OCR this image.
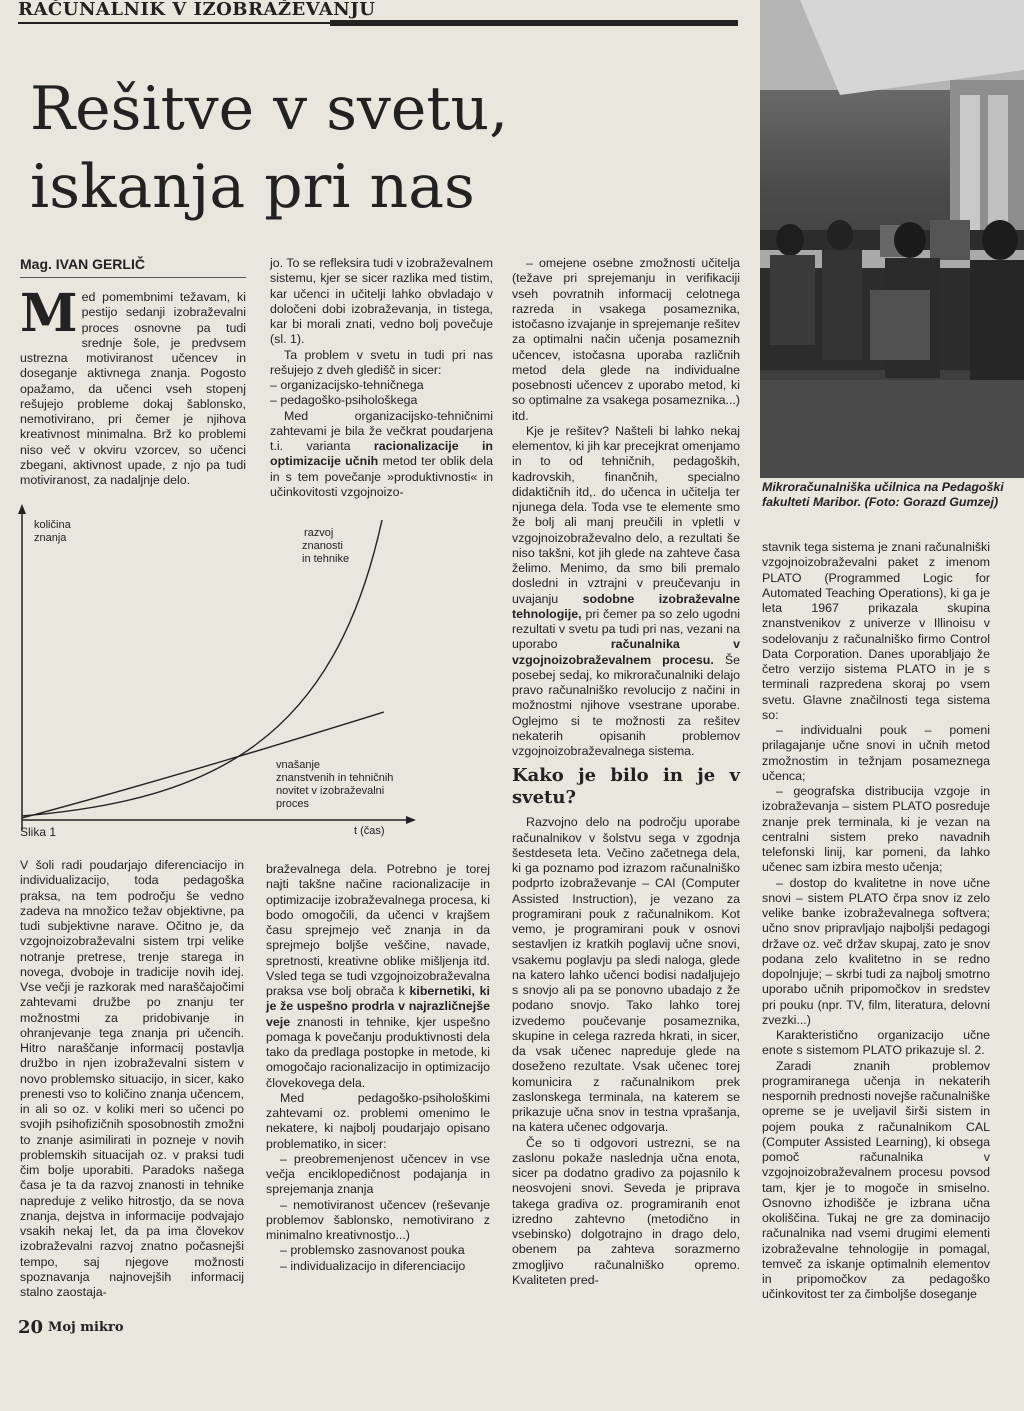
RAČUNALNIK V IZOBRAŽEVANJU
Rešitve v svetu,
iskanja pri nas
Mag. IVAN GERLIČ
M ed pomembnimi težavam, ki pestijo sedanji izobraževalni proces osnovne pa tudi srednje šole, je predvsem ustrezna motiviranost učencev in doseganje aktivnega znanja. Pogosto opažamo, da učenci vseh stopenj rešujejo probleme dokaj šablonsko, nemotivirano, pri čemer je njihova kreativnost minimalna. Brž ko problemi niso več v okviru vzorcev, so učenci zbegani, aktivnost upade, z njo pa tudi motiviranost, za nadaljnje delo.

jo. To se refleksira tudi v izobraževalnem sistemu, kjer se sicer razlika med tistim, kar učenci in učitelji lahko obvladajo v določeni dobi izobraževanja, in tistega, kar bi morali znati, vedno bolj povečuje (sl. 1).

Ta problem v svetu in tudi pri nas rešujejo z dveh gledišč in sicer:

– organizacijsko-tehničnega

– pedagoško-psihološkega

Med organizacijsko-tehničnimi zahtevami je bila že večkrat poudarjena t.i. varianta racionalizacije in optimizacije učnih metod ter oblik dela in s tem povečanje »produktivnosti« in učinkovitosti vzgojnoizo-

– omejene osebne zmožnosti učitelja (težave pri sprejemanju in verifikaciji vseh povratnih informacij celotnega razreda in vsakega posameznika, istočasno izvajanje in sprejemanje rešitev za optimalni način učenja posameznih učencev, istočasna uporaba različnih metod dela glede na individualne posebnosti učencev z uporabo metod, ki so optimalne za vsakega posameznika...) itd.

Kje je rešitev? Našteli bi lahko nekaj elementov, ki jih kar precejkrat omenjamo in to od tehničnih, pedagoških, kadrovskih, finančnih, specialno didaktičnih itd,. do učenca in učitelja ter njunega dela. Toda vse te elemente smo že bolj ali manj preučili in vpletli v vzgojnoizobraževalno delo, a rezultati še niso takšni, kot jih glede na zahteve časa želimo. Menimo, da smo bili premalo dosledni in vztrajni v preučevanju in uvajanju sodobne izobraževalne tehnologije, pri čemer pa so zelo ugodni rezultati v svetu pa tudi pri nas, vezani na uporabo računalnika v vzgojnoizobraževalnem procesu. Še posebej sedaj, ko mikroračunalniki delajo pravo računalniško revolucijo z načini in možnostmi njihove vsestrane uporabe. Oglejmo si te možnosti za rešitev nekaterih opisanih problemov vzgojnoizobraževalnega sistema.

Kako je bilo in je v svetu?

Razvojno delo na področju uporabe računalnikov v šolstvu sega v zgodnja šestdeseta leta. Večino začetnega dela, ki ga poznamo pod izrazom računalniško podprto izobraževanje – CAI (Computer Assisted Instruction), je vezano za programirani pouk z računalnikom. Kot vemo, je programirani pouk v osnovi sestavljen iz kratkih poglavij učne snovi, vsakemu poglavju pa sledi naloga, glede na katero lahko učenci bodisi nadaljujejo s snovjo ali pa se ponovno ubadajo z že podano snovjo. Tako lahko torej izvedemo poučevanje posameznika, skupine in celega razreda hkrati, in sicer, da vsak učenec napreduje glede na doseženo rezultate. Vsak učenec torej komunicira z računalnikom prek zaslonskega terminala, na katerem se prikazuje učna snov in testna vprašanja, na katera učenec odgovarja.

Če so ti odgovori ustrezni, se na zaslonu pokaže naslednja učna enota, sicer pa dodatno gradivo za pojasnilo k neosvojeni snovi. Seveda je priprava takega gradiva oz. programiranih enot izredno zahtevno (metodično in vsebinsko) dolgotrajno in drago delo, obenem pa zahteva sorazmerno zmogljivo računalniško opremo. Kvaliteten pred-

Mikroračunalniška učilnica na Pedagoški fakulteti Maribor. (Foto: Gorazd Gumzej)

stavnik tega sistema je znani računalniški vzgojnoizobraževalni paket z imenom PLATO (Programmed Logic for Automated Teaching Operations), ki ga je leta 1967 prikazala skupina znanstvenikov z univerze v Illinoisu v sodelovanju z računalniško firmo Control Data Corporation. Danes uporabljajo že četro verzijo sistema PLATO in je s terminali razpredena skoraj po vsem svetu. Glavne značilnosti tega sistema so:

– individualni pouk – pomeni prilagajanje učne snovi in učnih metod zmožnostim in težnjam posameznega učenca;

– geografska distribucija vzgoje in izobraževanja – sistem PLATO posreduje znanje prek terminala, ki je vezan na centralni sistem preko navadnih telefonski linij, kar pomeni, da lahko učenec sam izbira mesto učenja;

– dostop do kvalitetne in nove učne snovi – sistem PLATO črpa snov iz zelo velike banke izobraževalnega softvera; učno snov pripravljajo najboljši pedagogi države oz. več držav skupaj, zato je snov podana zelo kvalitetno in se redno dopolnjuje; – skrbi tudi za najbolj smotrno uporabo učnih pripomočkov in sredstev pri pouku (npr. TV, film, literatura, delovni zvezki...)

Karakteristično organizacijo učne enote s sistemom PLATO prikazuje sl. 2.

Zaradi znanih problemov programiranega učenja in nekaterih nespornih prednosti novejše računalniške opreme se je uveljavil širši sistem in pojem pouka z računalnikom CAL (Computer Assisted Learning), ki obsega pomoč računalnika v vzgojnoizobraževalnem procesu povsod tam, kjer je to mogoče in smiselno. Osnovno izhodišče je izbrana učna okoliščina. Tukaj ne gre za dominacijo računalnika nad vsemi drugimi elementi izobraževalne tehnologije in pomagal, temveč za iskanje optimalnih elementov in pripomočkov za pedagoško učinkovitost ter za čimboljše doseganje

količina
znanja	razvoj
znanosti
in tehnike
vnašanje
znanstvenih in tehničnih
novitet v izobraževalni
proces
Slika 1	t (čas)

V šoli radi poudarjajo diferenciacijo in individualizacijo, toda pedagoška praksa, na tem področju še vedno zadeva na množico težav objektivne, pa tudi subjektivne narave. Očitno je, da vzgojnoizobraževalni sistem trpi velike notranje pretrese, trenje starega in novega, dvoboje in tradicije novih idej. Vse večji je razkorak med naraščajočimi zahtevami družbe po znanju ter možnostmi za pridobivanje in ohranjevanje tega znanja pri učencih. Hitro naraščanje informacij postavlja družbo in njen izobraževalni sistem v novo problemsko situacijo, in sicer, kako prenesti vso to količino znanja učencem, in ali so oz. v koliki meri so učenci po svojih psihofizičnih sposobnostih zmožni to znanje asimilirati in pozneje v novih problemskih situacijah oz. v praksi tudi čim bolje uporabiti. Paradoks našega časa je ta da razvoj znanosti in tehnike napreduje z veliko hitrostjo, da se nova znanja, dejstva in informacije podvajajo vsakih nekaj let, da pa ima človekov izobraževalni razvoj znatno počasnejši tempo, saj njegove možnosti spoznavanja najnovejših informacij stalno zaostaja-

braževalnega dela. Potrebno je torej najti takšne načine racionalizacije in optimizacije izobraževalnega procesa, ki bodo omogočili, da učenci v krajšem času sprejmejo več znanja in da sprejmejo boljše veščine, navade, spretnosti, kreativne oblike mišljenja itd. Vsled tega se tudi vzgojnoizobraževalna praksa vse bolj obrača k kibernetiki, ki je že uspešno prodrla v najrazličnejše veje znanosti in tehnike, kjer uspešno pomaga k povečanju produktivnosti dela tako da predlaga postopke in metode, ki omogočajo racionalizacijo in optimizacijo človekovega dela.

Med pedagoško-psihološkimi zahtevami oz. problemi omenimo le nekatere, ki najbolj poudarjajo opisano problematiko, in sicer:

– preobremenjenost učencev in vse večja enciklopedičnost podajanja in sprejemanja znanja

– nemotiviranost učencev (reševanje problemov šablonsko, nemotivirano z minimalno kreativnostjo...)

– problemsko zasnovanost pouka

– individualizacijo in diferenciacijo

20 Moj mikro
